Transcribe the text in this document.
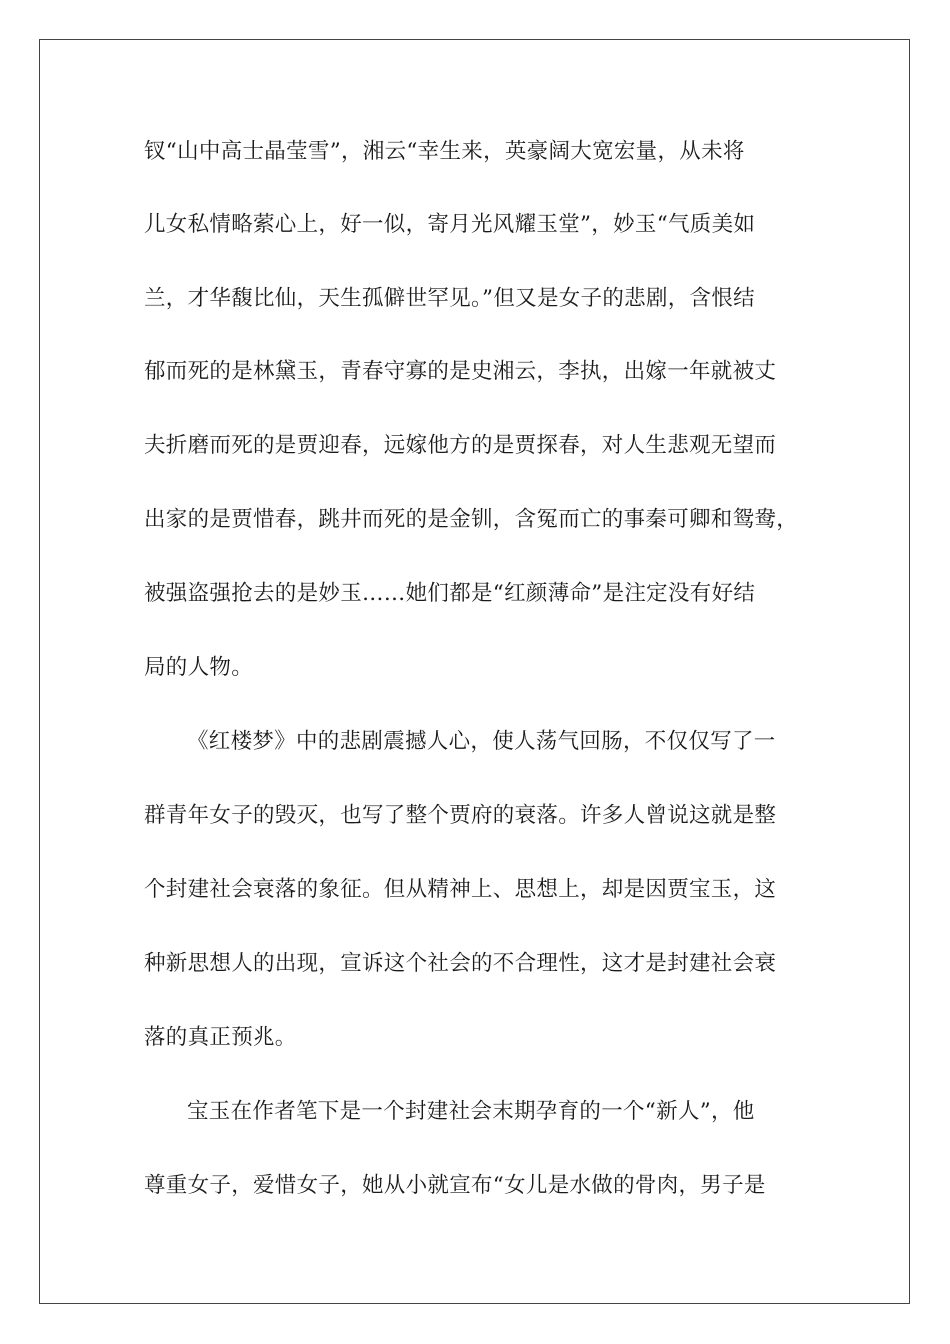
钗“山中高士晶莹雪”，湘云“幸生来，英豪阔大宽宏量，从未将
儿女私情略萦心上，好一似，寄月光风耀玉堂”，妙玉“气质美如
兰，才华馥比仙，天生孤僻世罕见。”但又是女子的悲剧，含恨结
郁而死的是林黛玉，青春守寡的是史湘云，李执，出嫁一年就被丈
夫折磨而死的是贾迎春，远嫁他方的是贾探春，对人生悲观无望而
出家的是贾惜春，跳井而死的是金钏，含冤而亡的事秦可卿和鸳鸯，
被强盗强抢去的是妙玉……她们都是“红颜薄命”是注定没有好结
局的人物。
《红楼梦》中的悲剧震撼人心，使人荡气回肠，不仅仅写了一
群青年女子的毁灭，也写了整个贾府的衰落。许多人曾说这就是整
个封建社会衰落的象征。但从精神上、思想上，却是因贾宝玉，这
种新思想人的出现，宣诉这个社会的不合理性，这才是封建社会衰
落的真正预兆。
宝玉在作者笔下是一个封建社会末期孕育的一个“新人”，他
尊重女子，爱惜女子，她从小就宣布“女儿是水做的骨肉，男子是
